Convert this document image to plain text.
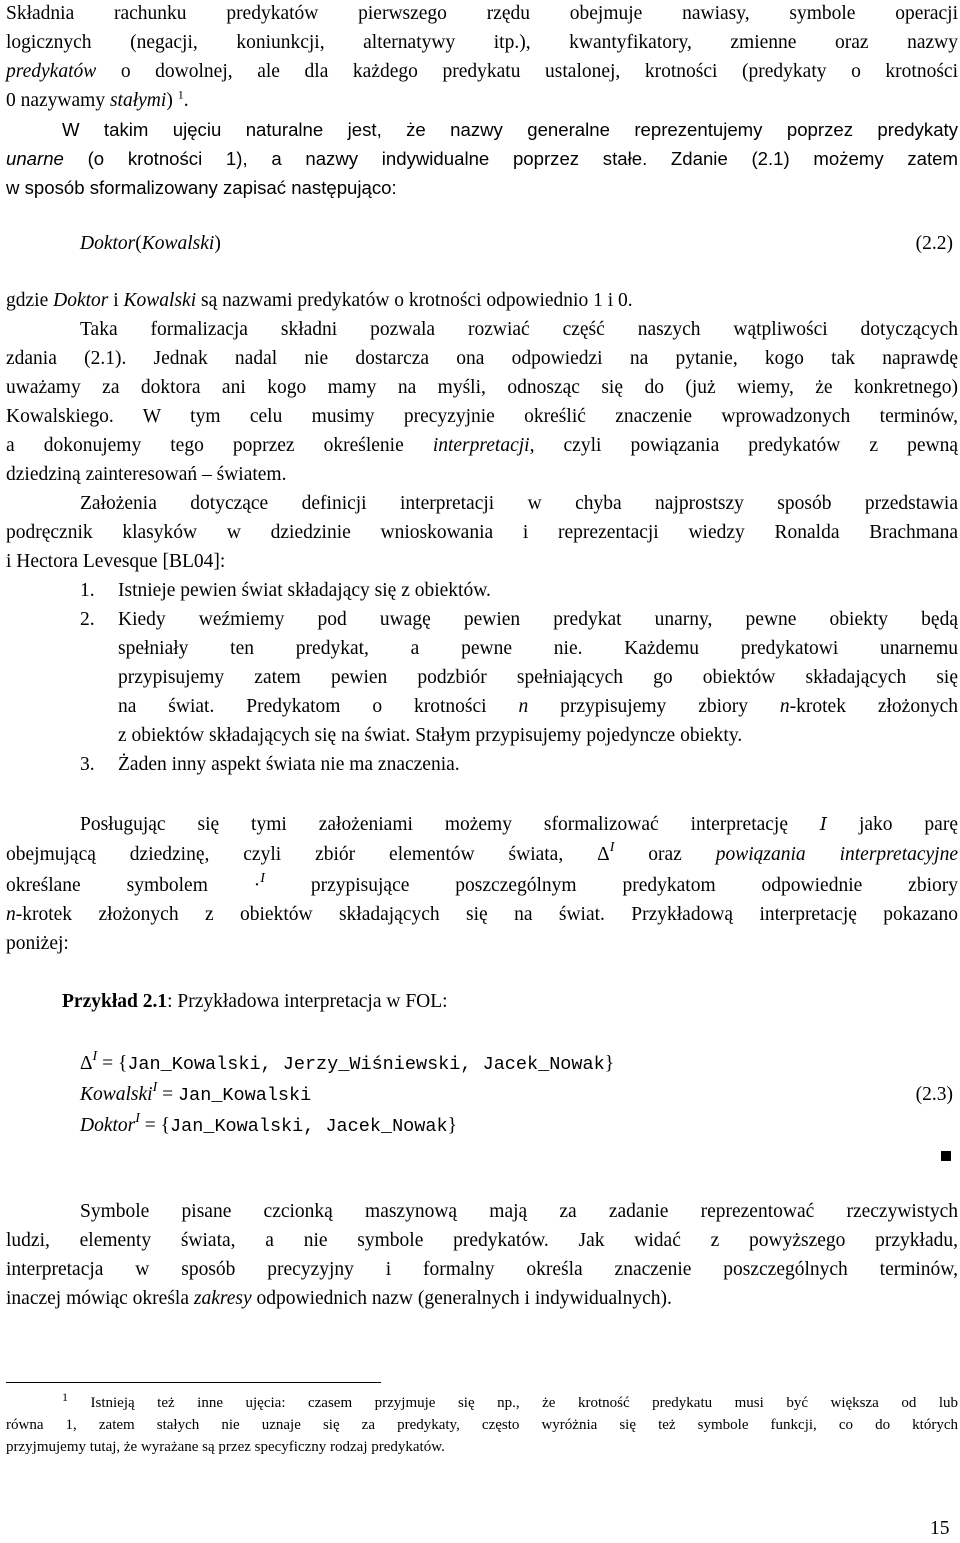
Składnia rachunku predykatów pierwszego rzędu obejmuje nawiasy, symbole operacji
logicznych (negacji, koniunkcji, alternatywy itp.), kwantyfikatory, zmienne oraz nazwy
predykatów o dowolnej, ale dla każdego predykatu ustalonej, krotności (predykaty o krotności
0 nazywamy stałymi) $^1$.
W takim ujęciu naturalne jest, że nazwy generalne reprezentujemy poprzez predykaty
unarne (o krotności 1), a nazwy indywidualne poprzez stałe. Zdanie (2.1) możemy zatem
w sposób sformalizowany zapisać następująco:
Doktor(Kowalski)	(2.2)
gdzie Doktor i Kowalski są nazwami predykatów o krotności odpowiednio 1 i 0.
Taka formalizacja składni pozwala rozwiać część naszych wątpliwości dotyczących
zdania (2.1). Jednak nadal nie dostarcza ona odpowiedzi na pytanie, kogo tak naprawdę
uważamy za doktora ani kogo mamy na myśli, odnosząc się do (już wiemy, że konkretnego)
Kowalskiego. W tym celu musimy precyzyjnie określić znaczenie wprowadzonych terminów,
a dokonujemy tego poprzez określenie interpretacji, czyli powiązania predykatów z pewną
dziedziną zainteresowań – światem.
Założenia dotyczące definicji interpretacji w chyba najprostszy sposób przedstawia
podręcznik klasyków w dziedzinie wnioskowania i reprezentacji wiedzy Ronalda Brachmana
i Hectora Levesque [BL04]:
1. Istnieje pewien świat składający się z obiektów.
2. Kiedy weźmiemy pod uwagę pewien predykat unarny, pewne obiekty będą
spełniały ten predykat, a pewne nie. Każdemu predykatowi unarnemu
przypisujemy zatem pewien podzbiór spełniających go obiektów składających się
na świat. Predykatom o krotności n przypisujemy zbiory n-krotek złożonych
z obiektów składających się na świat. Stałym przypisujemy pojedyncze obiekty.
3. Żaden inny aspekt świata nie ma znaczenia.
Posługując się tymi założeniami możemy sformalizować interpretację I jako parę
obejmującą dziedzinę, czyli zbiór elementów świata, $\Delta^I$ oraz powiązania interpretacyjne
określane symbolem ·$^I$ przypisujące poszczególnym predykatom odpowiednie zbiory
n-krotek złożonych z obiektów składających się na świat. Przykładową interpretację pokazano
poniżej:
Przykład 2.1: Przykładowa interpretacja w FOL:
$\Delta^I$ = {Jan_Kowalski, Jerzy_Wiśniewski, Jacek_Nowak}
Kowalski$^I$ = Jan_Kowalski	(2.3)
Doktor$^I$ = {Jan_Kowalski, Jacek_Nowak}
Symbole pisane czcionką maszynową mają za zadanie reprezentować rzeczywistych
ludzi, elementy świata, a nie symbole predykatów. Jak widać z powyższego przykładu,
interpretacja w sposób precyzyjny i formalny określa znaczenie poszczególnych terminów,
inaczej mówiąc określa zakresy odpowiednich nazw (generalnych i indywidualnych).
$^1$ Istnieją też inne ujęcia: czasem przyjmuje się np., że krotność predykatu musi być większa od lub
równa 1, zatem stałych nie uznaje się za predykaty, często wyróżnia się też symbole funkcji, co do których
przyjmujemy tutaj, że wyrażane są przez specyficzny rodzaj predykatów.
15
